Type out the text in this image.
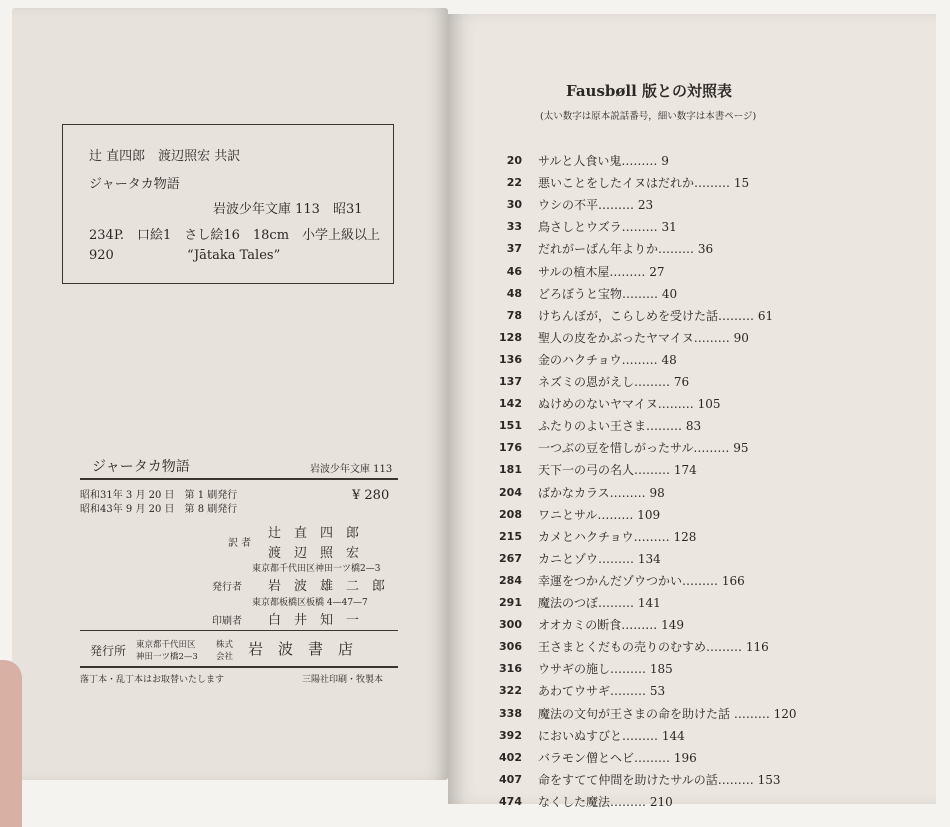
辻 直四郎　渡辺照宏 共訳
ジャータカ物語
岩波少年文庫 113　昭31
234P.　口絵1　さし絵16　18cm　小学上級以上
920	“Jātaka Tales”
ジャータカ物語	岩波少年文庫 113
昭和31年 3 月 20 日　第 1 刷発行
昭和43年 9 月 20 日　第 8 刷発行
¥ 280
訳 者
辻　直　四　郎
渡　辺　照　宏
東京都千代田区神田一ツ橋2—3
発行者 岩　波　雄　二　郎
東京都板橋区板橋 4—47—7
印刷者 白　井　知　一
発行所 東京都千代田区
神田一ツ橋2—3
株式
会社 岩　波　書　店
落丁本・乱丁本はお取替いたします	三陽社印刷・牧製本
Fausbøll 版との対照表
(太い数字は原本説話番号，細い数字は本書ページ)
20 サルと人食い鬼……… 9
22 悪いことをしたイヌはだれか……… 15
30 ウシの不平……… 23
33 鳥さしとウズラ……… 31
37 だれがーばん年よりか……… 36
46 サルの植木屋……… 27
48 どろぼうと宝物……… 40
78 けちんぼが，こらしめを受けた話……… 61
128 聖人の皮をかぶったヤマイヌ……… 90
136 金のハクチョウ……… 48
137 ネズミの恩がえし……… 76
142 ぬけめのないヤマイヌ……… 105
151 ふたりのよい王さま……… 83
176 一つぶの豆を惜しがったサル……… 95
181 天下一の弓の名人……… 174
204 ばかなカラス……… 98
208 ワニとサル……… 109
215 カメとハクチョウ……… 128
267 カニとゾウ……… 134
284 幸運をつかんだゾウつかい……… 166
291 魔法のつぼ……… 141
300 オオカミの断食……… 149
306 王さまとくだもの売りのむすめ……… 116
316 ウサギの施し……… 185
322 あわてウサギ……… 53
338 魔法の文句が王さまの命を助けた話 ……… 120
392 においぬすびと……… 144
402 バラモン僧とヘビ……… 196
407 命をすてて仲間を助けたサルの話……… 153
474 なくした魔法……… 210
